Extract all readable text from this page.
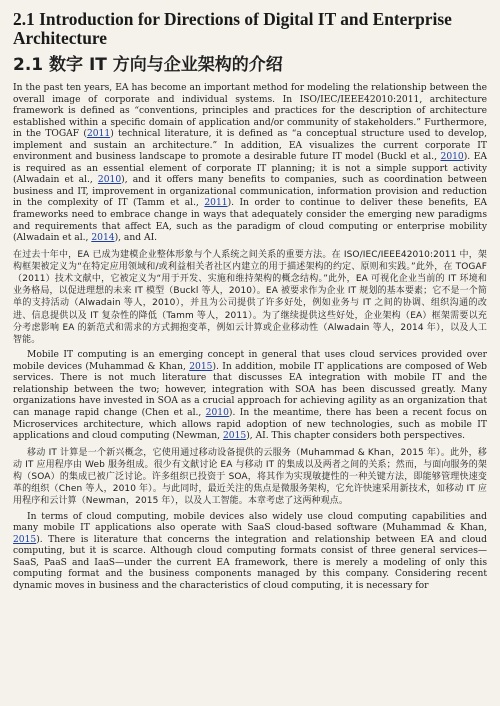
2.1 Introduction for Directions of Digital IT and Enterprise Architecture
2.1 数字 IT 方向与企业架构的介绍

In the past ten years, EA has become an important method for modeling the relationship between the overall image of corporate and individual systems. In ISO/IEC/IEEE42010:2011, architecture framework is defined as “conventions, principles and practices for the description of architecture established within a specific domain of application and/or community of stakeholders.” Furthermore, in the TOGAF (2011) technical literature, it is defined as “a conceptual structure used to develop, implement and sustain an architecture.” In addition, EA visualizes the current corporate IT environment and business landscape to promote a desirable future IT model (Buckl et al., 2010). EA is required as an essential element of corporate IT planning; it is not a simple support activity (Alwadain et al., 2010), and it offers many benefits to companies, such as coordination between business and IT, improvement in organizational communication, information provision and reduction in the complexity of IT (Tamm et al., 2011). In order to continue to deliver these benefits, EA frameworks need to embrace change in ways that adequately consider the emerging new paradigms and requirements that affect EA, such as the paradigm of cloud computing or enterprise mobility (Alwadain et al., 2014), and AI.

在过去十年中，EA 已成为建模企业整体形象与个人系统之间关系的重要方法。在 ISO/IEC/IEEE42010:2011 中，架构框架被定义为“在特定应用领域和/或利益相关者社区内建立的用于描述架构的约定、原则和实践。”此外，在 TOGAF（2011）技术文献中，它被定义为“用于开发、实施和维持架构的概念结构。”此外，EA 可视化企业当前的 IT 环境和业务格局，以促进理想的未来 IT 模型（Buckl 等人，2010）。EA 被要求作为企业 IT 规划的基本要素；它不是一个简单的支持活动（Alwadain 等人，2010），并且为公司提供了许多好处，例如业务与 IT 之间的协调、组织沟通的改进、信息提供以及 IT 复杂性的降低（Tamm 等人，2011）。为了继续提供这些好处，企业架构（EA）框架需要以充分考虑影响 EA 的新范式和需求的方式拥抱变革，例如云计算或企业移动性（Alwadain 等人，2014 年），以及人工智能。

Mobile IT computing is an emerging concept in general that uses cloud services provided over mobile devices (Muhammad & Khan, 2015). In addition, mobile IT applications are composed of Web services. There is not much literature that discusses EA integration with mobile IT and the relationship between the two; however, integration with SOA has been discussed greatly. Many organizations have invested in SOA as a crucial approach for achieving agility as an organization that can manage rapid change (Chen et al., 2010). In the meantime, there has been a recent focus on Microservices architecture, which allows rapid adoption of new technologies, such as mobile IT applications and cloud computing (Newman, 2015), AI. This chapter considers both perspectives.

移动 IT 计算是一个新兴概念，它使用通过移动设备提供的云服务（Muhammad & Khan，2015 年）。此外，移动 IT 应用程序由 Web 服务组成。很少有文献讨论 EA 与移动 IT 的集成以及两者之间的关系；然而，与面向服务的架构（SOA）的集成已被广泛讨论。许多组织已投资于 SOA，将其作为实现敏捷性的一种关键方法，即能够管理快速变革的组织（Chen 等人，2010 年）。与此同时，最近关注的焦点是微服务架构，它允许快速采用新技术，如移动 IT 应用程序和云计算（Newman，2015 年），以及人工智能。本章考虑了这两种观点。

In terms of cloud computing, mobile devices also widely use cloud computing capabilities and many mobile IT applications also operate with SaaS cloud-based software (Muhammad & Khan, 2015). There is literature that concerns the integration and relationship between EA and cloud computing, but it is scarce. Although cloud computing formats consist of three general services—SaaS, PaaS and IaaS—under the current EA framework, there is merely a modeling of only this computing format and the business components managed by this company. Considering recent dynamic moves in business and the characteristics of cloud computing, it is necessary for
